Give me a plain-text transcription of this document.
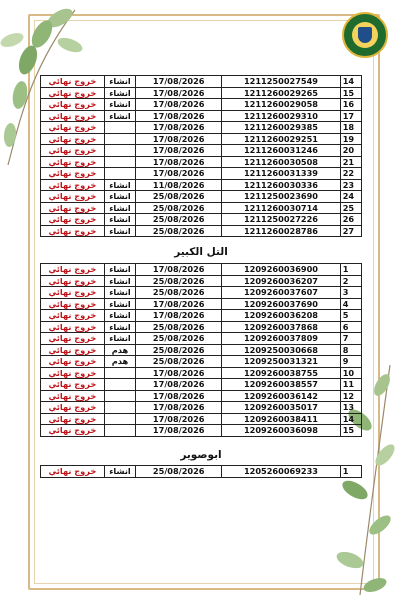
خروج نهائي	انشاء	17/08/2026	1211250027549	14
خروج نهائي	انشاء	17/08/2026	1211260029265	15
خروج نهائي	انشاء	17/08/2026	1211260029058	16
خروج نهائي	انشاء	17/08/2026	1211260029310	17
خروج نهائي		17/08/2026	1211260029385	18
خروج نهائي		17/08/2026	1211260029251	19
خروج نهائي		17/08/2026	1211260031246	20
خروج نهائي		17/08/2026	1211260030508	21
خروج نهائي		17/08/2026	1211260031339	22
خروج نهائي	انشاء	11/08/2026	1211260030336	23
خروج نهائي	انشاء	25/08/2026	1211250023690	24
خروج نهائي	انشاء	25/08/2026	1211260030714	25
خروج نهائي	انشاء	25/08/2026	1211250027226	26
خروج نهائي	انشاء	25/08/2026	1211260028786	27
التل الكبير
خروج نهائي	انشاء	17/08/2026	1209260036900	1
خروج نهائي	انشاء	25/08/2026	1209260036207	2
خروج نهائي	انشاء	25/08/2026	1209260037607	3
خروج نهائي	انشاء	17/08/2026	1209260037690	4
خروج نهائي	انشاء	17/08/2026	1209260036208	5
خروج نهائي	انشاء	25/08/2026	1209260037868	6
خروج نهائي	انشاء	25/08/2026	1209260037809	7
خروج نهائي	هدم	25/08/2026	1209250030668	8
خروج نهائي	هدم	25/08/2026	1209250031321	9
خروج نهائي		17/08/2026	1209260038755	10
خروج نهائي		17/08/2026	1209260038557	11
خروج نهائي		17/08/2026	1209260036142	12
خروج نهائي		17/08/2026	1209260035017	13
خروج نهائي		17/08/2026	1209260038411	14
خروج نهائي		17/08/2026	1209260036098	15
ابوصوير
خروج نهائي	انشاء	25/08/2026	1205260069233	1
